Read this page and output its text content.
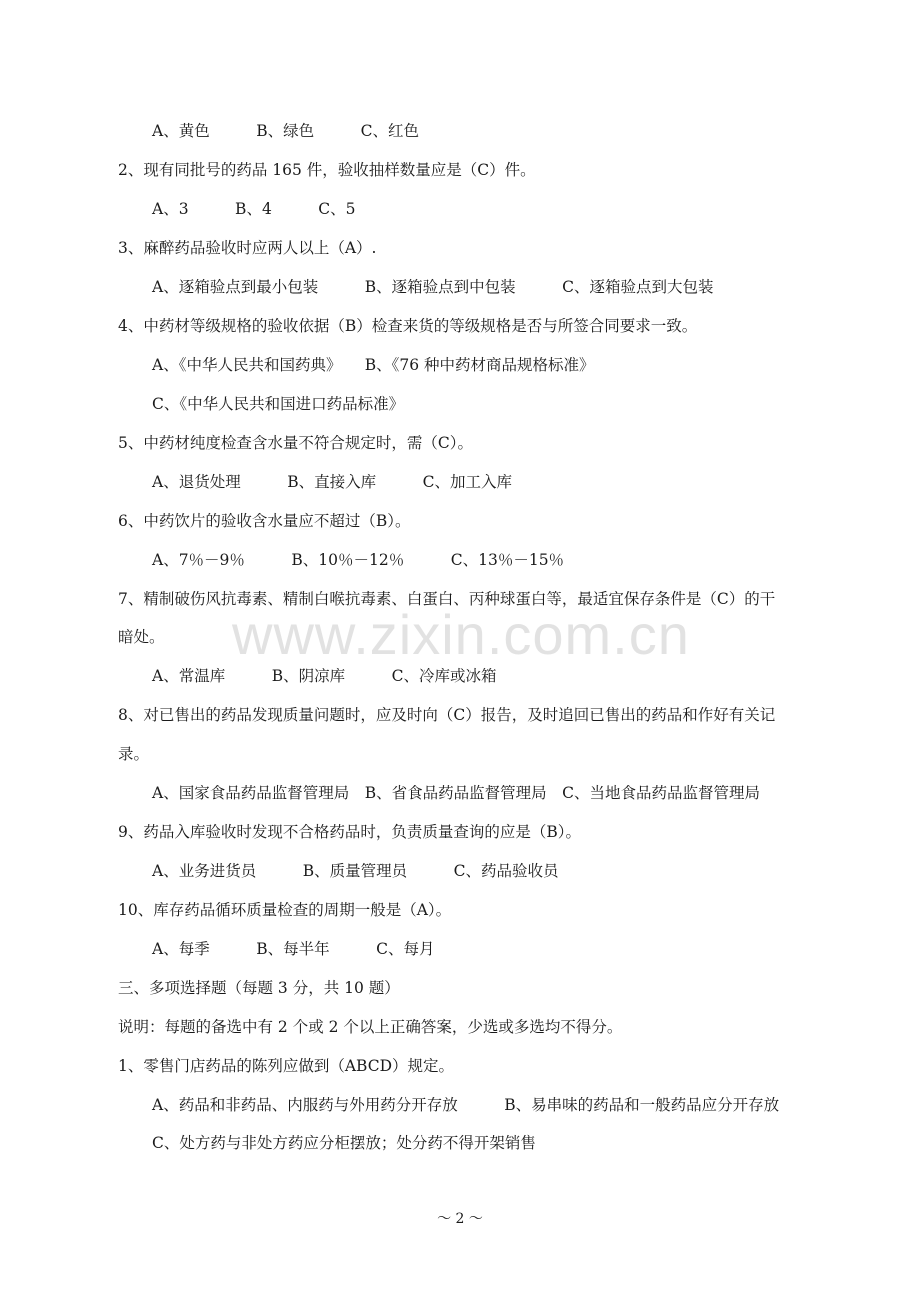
A、黄色　　　B、绿色　　　C、红色
2、现有同批号的药品 165 件，验收抽样数量应是（C）件。
A、3　　　B、4　　　C、5
3、麻醉药品验收时应两人以上（A）.
A、逐箱验点到最小包装　　　B、逐箱验点到中包装　　　C、逐箱验点到大包装
4、中药材等级规格的验收依据（B）检查来货的等级规格是否与所签合同要求一致。
A、《中华人民共和国药典》　　B、《76 种中药材商品规格标准》
C、《中华人民共和国进口药品标准》
5、中药材纯度检查含水量不符合规定时，需（C）。
A、退货处理　　　B、直接入库　　　C、加工入库
6、中药饮片的验收含水量应不超过（B）。
A、7％－9％　　　B、10％－12％　　　C、13％－15％
7、精制破伤风抗毒素、精制白喉抗毒素、白蛋白、丙种球蛋白等，最适宜保存条件是（C）的干
暗处。
A、常温库　　　B、阴凉库　　　C、冷库或冰箱
8、对已售出的药品发现质量问题时，应及时向（C）报告，及时追回已售出的药品和作好有关记
录。
A、国家食品药品监督管理局　B、省食品药品监督管理局　C、当地食品药品监督管理局
9、药品入库验收时发现不合格药品时，负责质量查询的应是（B）。
A、业务进货员　　　B、质量管理员　　　C、药品验收员
10、库存药品循环质量检查的周期一般是（A）。
A、每季　　　B、每半年　　　C、每月
三、多项选择题（每题 3 分，共 10 题）
说明：每题的备选中有 2 个或 2 个以上正确答案，少选或多选均不得分。
1、零售门店药品的陈列应做到（ABCD）规定。
A、药品和非药品、内服药与外用药分开存放　　　B、易串味的药品和一般药品应分开存放
C、处方药与非处方药应分柜摆放；处分药不得开架销售
www.zixin.com.cn
～ 2 ～
